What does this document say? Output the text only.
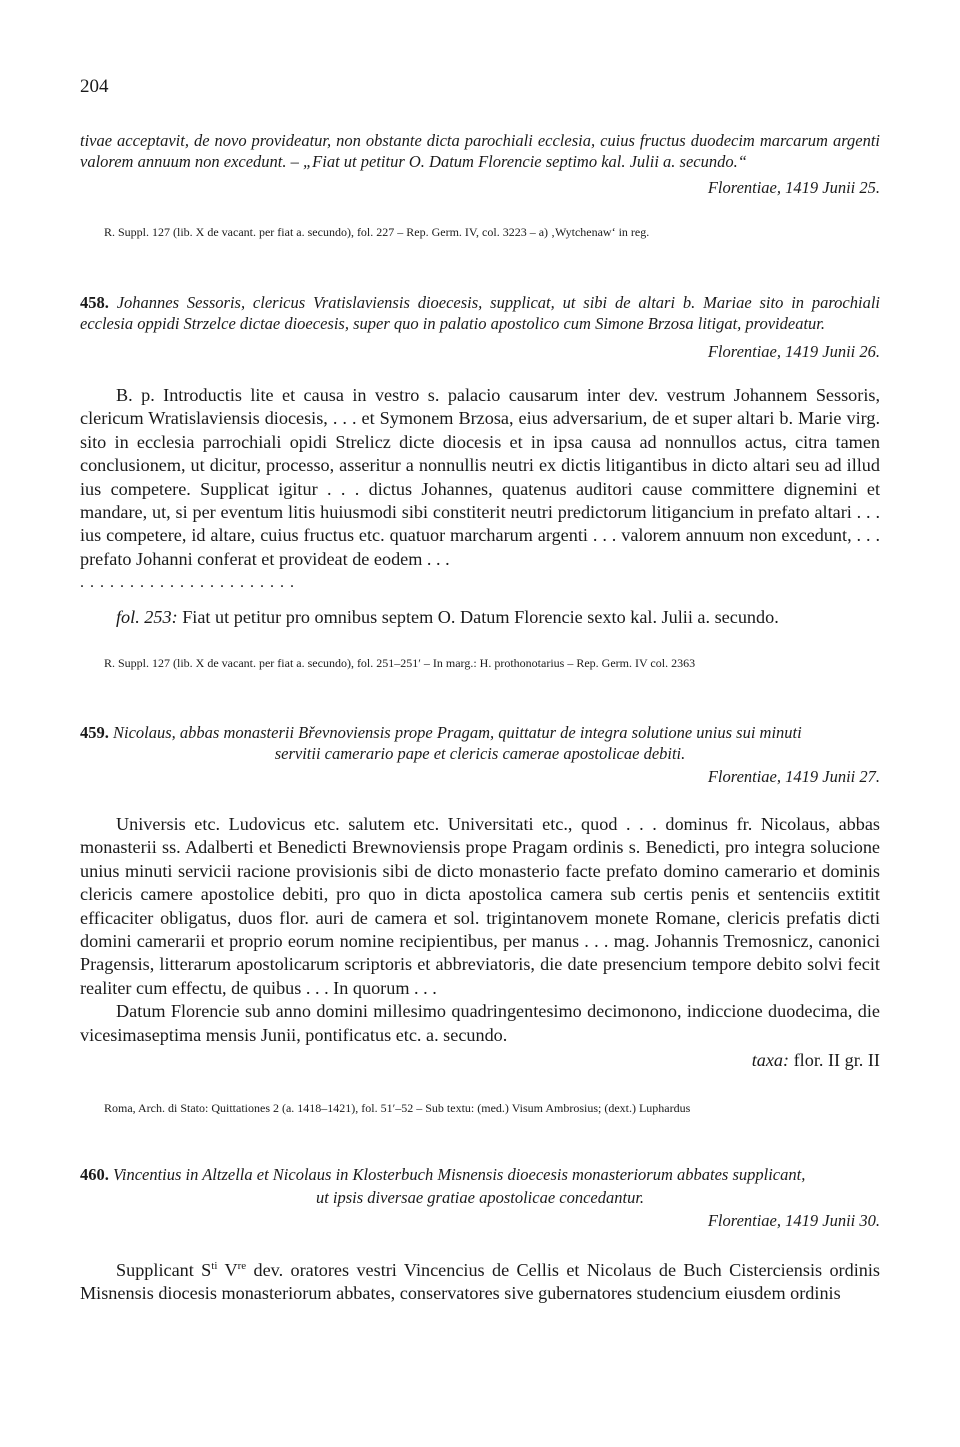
204
tivae acceptavit, de novo provideatur, non obstante dicta parochiali ecclesia, cuius fructus duodecim marcarum argenti valorem annuum non excedunt. – „Fiat ut petitur O. Datum Florencie septimo kal. Julii a. secundo.“
Florentiae, 1419 Junii 25.
R. Suppl. 127 (lib. X de vacant. per fiat a. secundo), fol. 227 – Rep. Germ. IV, col. 3223 – a) ‚Wytchenaw‘ in reg.
458. Johannes Sessoris, clericus Vratislaviensis dioecesis, supplicat, ut sibi de altari b. Mariae sito in parochiali ecclesia oppidi Strzelce dictae dioecesis, super quo in palatio apostolico cum Simone Brzosa litigat, provideatur.
Florentiae, 1419 Junii 26.

B. p. Introductis lite et causa in vestro s. palacio causarum inter dev. vestrum Johannem Sessoris, clericum Wratislaviensis diocesis, . . . et Symonem Brzosa, eius adversarium, de et super altari b. Marie virg. sito in ecclesia parrochiali opidi Strelicz dicte diocesis et in ipsa causa ad nonnullos actus, citra tamen conclusionem, ut dicitur, processo, asseritur a nonnullis neutri ex dictis litigantibus in dicto altari seu ad illud ius competere. Supplicat igitur . . . dictus Johannes, quatenus auditori cause committere dignemini et mandare, ut, si per eventum litis huiusmodi sibi constiterit neutri predictorum litigancium in prefato altari . . . ius competere, id altare, cuius fructus etc. quatuor marcharum argenti . . . valorem annuum non excedunt, . . . prefato Johanni conferat et provideat de eodem . . .

. . . . . . . . . . . . . . . . . . . . . .
fol. 253: Fiat ut petitur pro omnibus septem O. Datum Florencie sexto kal. Julii a. secundo.
R. Suppl. 127 (lib. X de vacant. per fiat a. secundo), fol. 251–251′ – In marg.: H. prothonotarius – Rep. Germ. IV col. 2363
459. Nicolaus, abbas monasterii Břevnoviensis prope Pragam, quittatur de integra solutione unius sui minuti
servitii camerario pape et clericis camerae apostolicae debiti.
Florentiae, 1419 Junii 27.

Universis etc. Ludovicus etc. salutem etc. Universitati etc., quod . . . dominus fr. Nicolaus, abbas monasterii ss. Adalberti et Benedicti Brewnoviensis prope Pragam ordinis s. Benedicti, pro integra solucione unius minuti servicii racione provisionis sibi de dicto monasterio facte prefato domino camerario et dominis clericis camere apostolice debiti, pro quo in dicta apostolica camera sub certis penis et sentenciis extitit efficaciter obligatus, duos flor. auri de camera et sol. trigintanovem monete Romane, clericis prefatis dicti domini camerarii et proprio eorum nomine recipientibus, per manus . . . mag. Johannis Tremosnicz, canonici Pragensis, litterarum apostolicarum scriptoris et abbreviatoris, die date presencium tempore debito solvi fecit realiter cum effectu, de quibus . . . In quorum . . .

Datum Florencie sub anno domini millesimo quadringentesimo decimonono, indiccione duodecima, die vicesimaseptima mensis Junii, pontificatus etc. a. secundo.

taxa: flor. II gr. II
Roma, Arch. di Stato: Quittationes 2 (a. 1418–1421), fol. 51′–52 – Sub textu: (med.) Visum Ambrosius; (dext.) Luphardus
460. Vincentius in Altzella et Nicolaus in Klosterbuch Misnensis dioecesis monasteriorum abbates supplicant,
ut ipsis diversae gratiae apostolicae concedantur.
Florentiae, 1419 Junii 30.

Supplicant $S^{ti}$ Vre dev. oratores vestri Vincencius de Cellis et Nicolaus de Buch Cisterciensis ordinis Misnensis diocesis monasteriorum abbates, conservatores sive gubernatores studencium eiusdem ordinis
